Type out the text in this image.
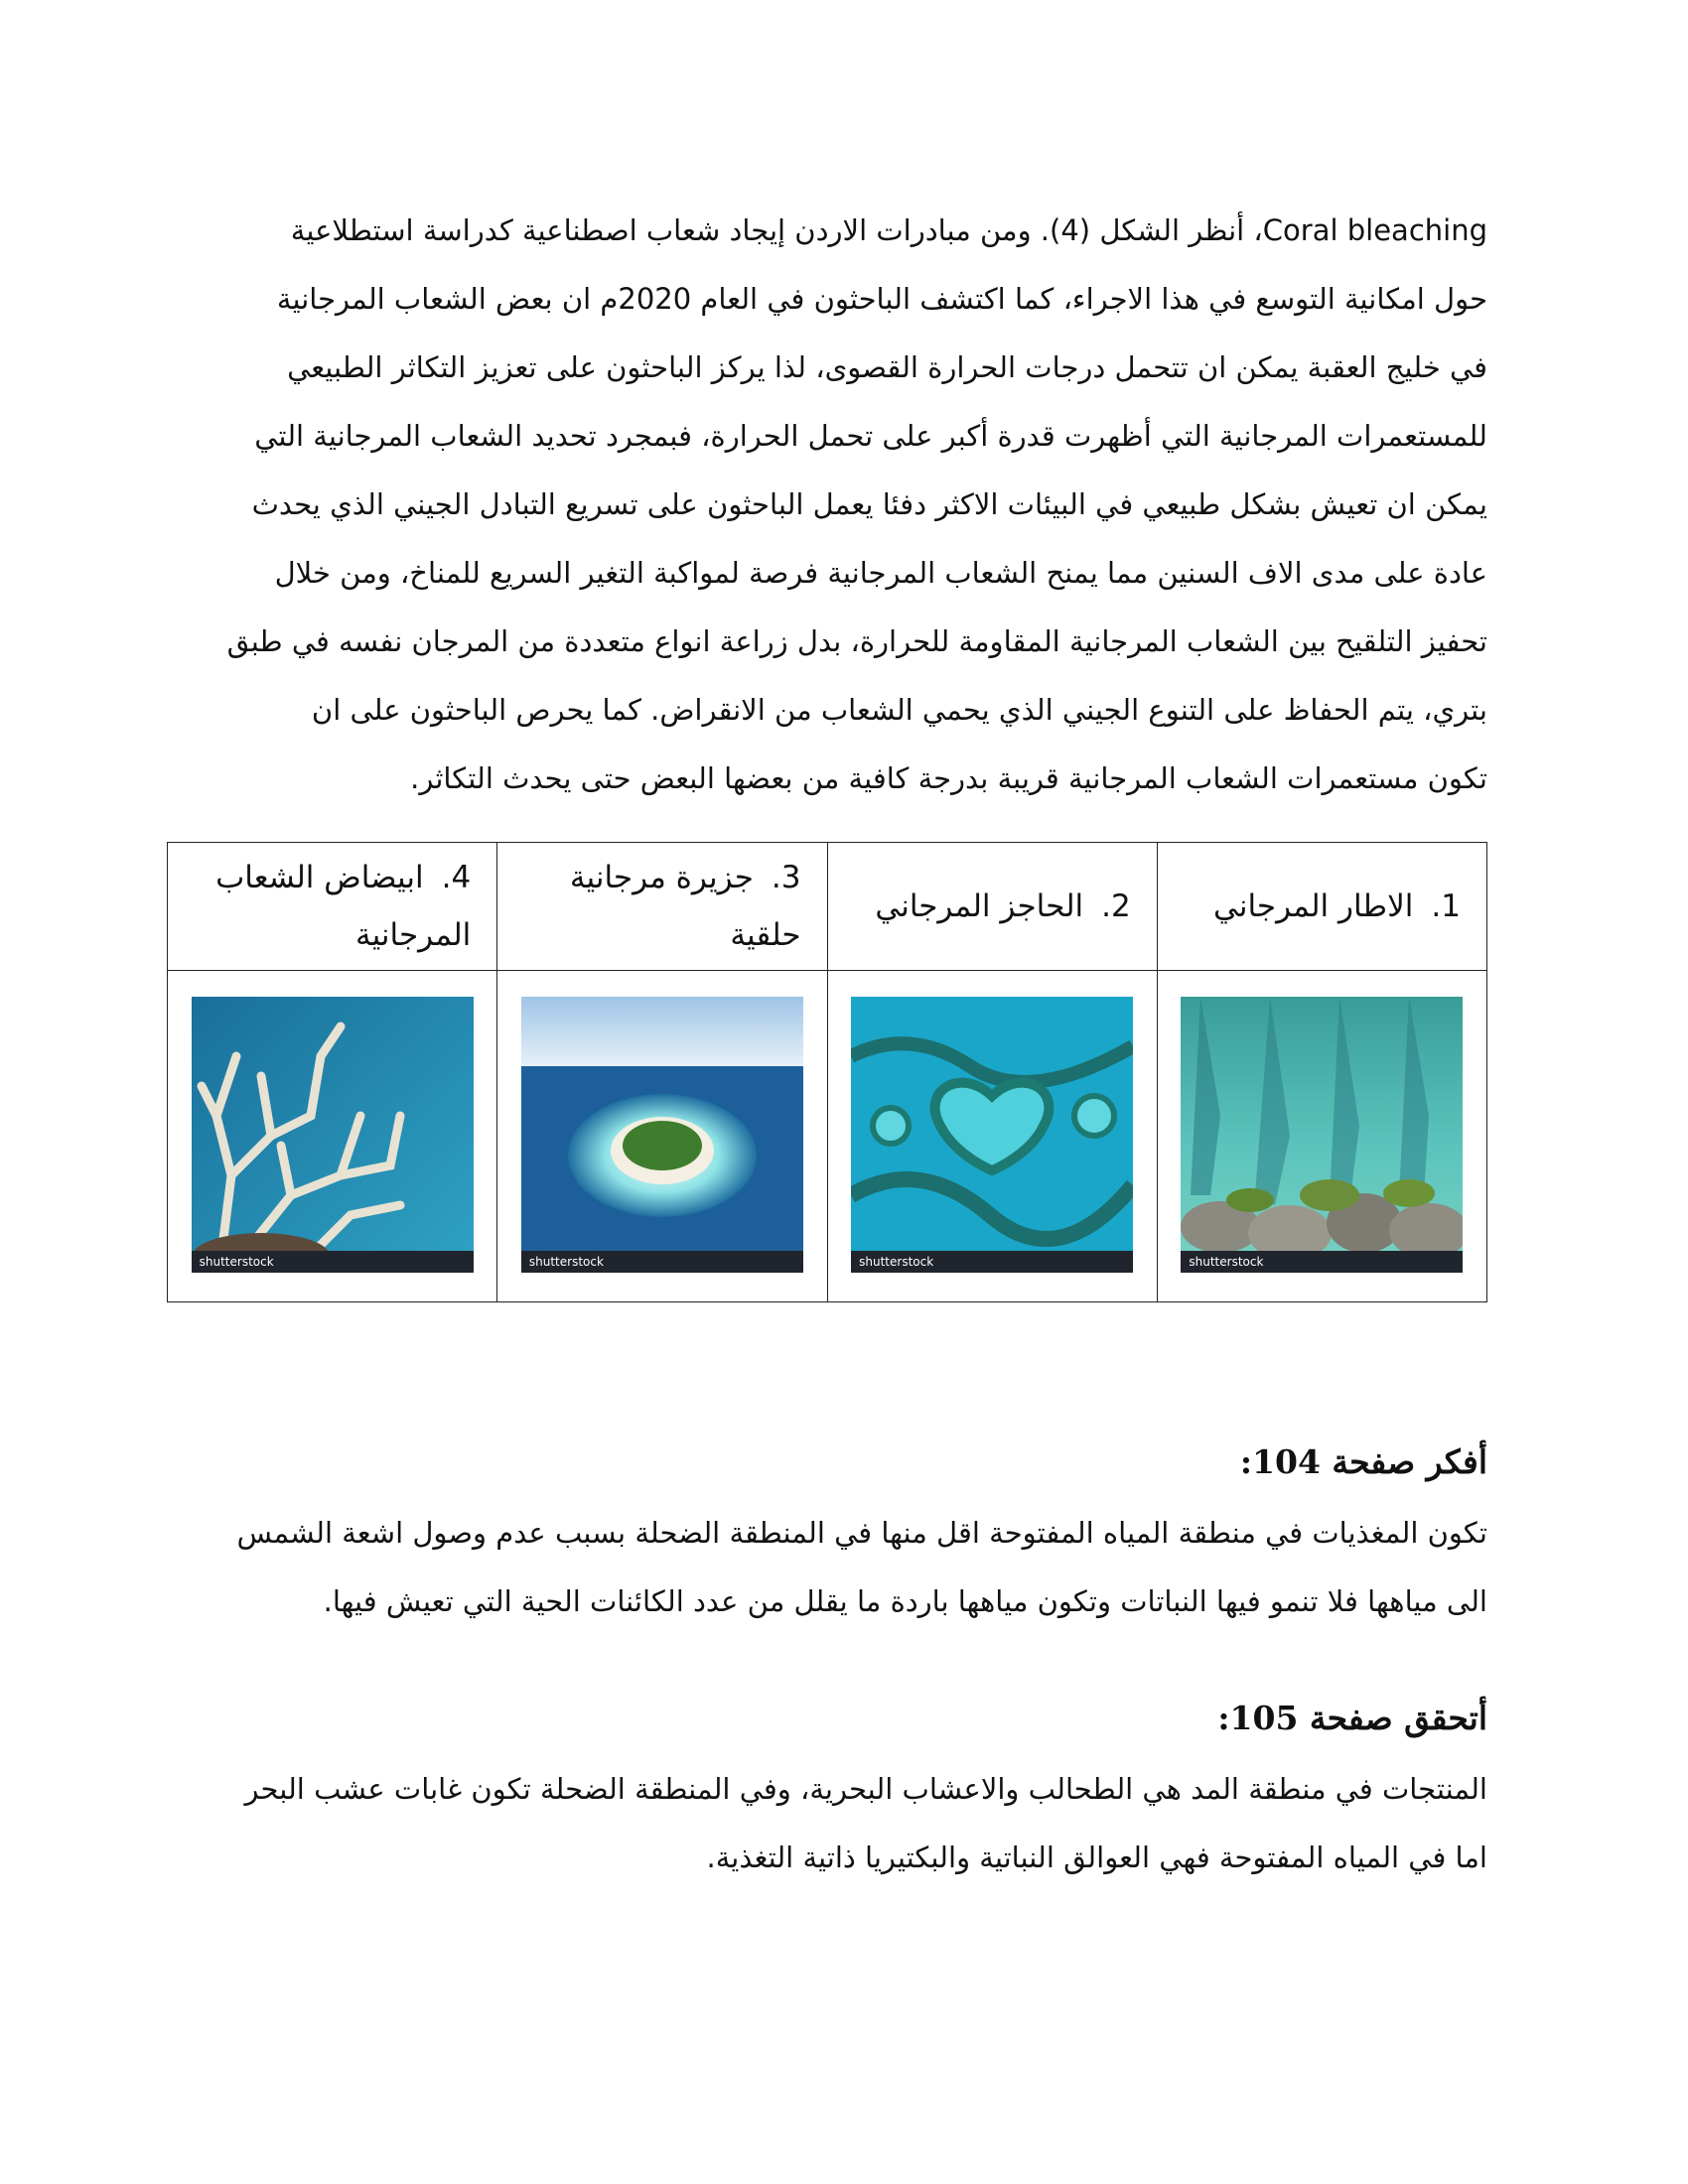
Coral bleaching، أنظر الشكل (4). ومن مبادرات الاردن إيجاد شعاب اصطناعية كدراسة استطلاعية
حول امكانية التوسع في هذا الاجراء، كما اكتشف الباحثون في العام 2020م ان بعض الشعاب المرجانية
في خليج العقبة يمكن ان تتحمل درجات الحرارة القصوى، لذا يركز الباحثون على تعزيز التكاثر الطبيعي
للمستعمرات المرجانية التي أظهرت قدرة أكبر على تحمل الحرارة، فبمجرد تحديد الشعاب المرجانية التي
يمكن ان تعيش بشكل طبيعي في البيئات الاكثر دفئا يعمل الباحثون على تسريع التبادل الجيني الذي يحدث
عادة على مدى الاف السنين مما يمنح الشعاب المرجانية فرصة لمواكبة التغير السريع للمناخ، ومن خلال
تحفيز التلقيح بين الشعاب المرجانية المقاومة للحرارة، بدل زراعة انواع متعددة من المرجان نفسه في طبق
بتري، يتم الحفاظ على التنوع الجيني الذي يحمي الشعاب من الانقراض. كما يحرص الباحثون على ان
تكون مستعمرات الشعاب المرجانية قريبة بدرجة كافية من بعضها البعض حتى يحدث التكاثر.
1.الاطار المرجاني	2.الحاجز المرجاني	3.جزيرة مرجانية حلقية	4.ابيضاض الشعاب المرجانية

shutterstock	shutterstock	shutterstock	shutterstock
أفكر صفحة 104:
تكون المغذيات في منطقة المياه المفتوحة اقل منها في المنطقة الضحلة بسبب عدم وصول اشعة الشمس
الى مياهها فلا تنمو فيها النباتات وتكون مياهها باردة ما يقلل من عدد الكائنات الحية التي تعيش فيها.
أتحقق صفحة 105:
المنتجات في منطقة المد هي الطحالب والاعشاب البحرية، وفي المنطقة الضحلة تكون غابات عشب البحر
اما في المياه المفتوحة فهي العوالق النباتية والبكتيريا ذاتية التغذية.
